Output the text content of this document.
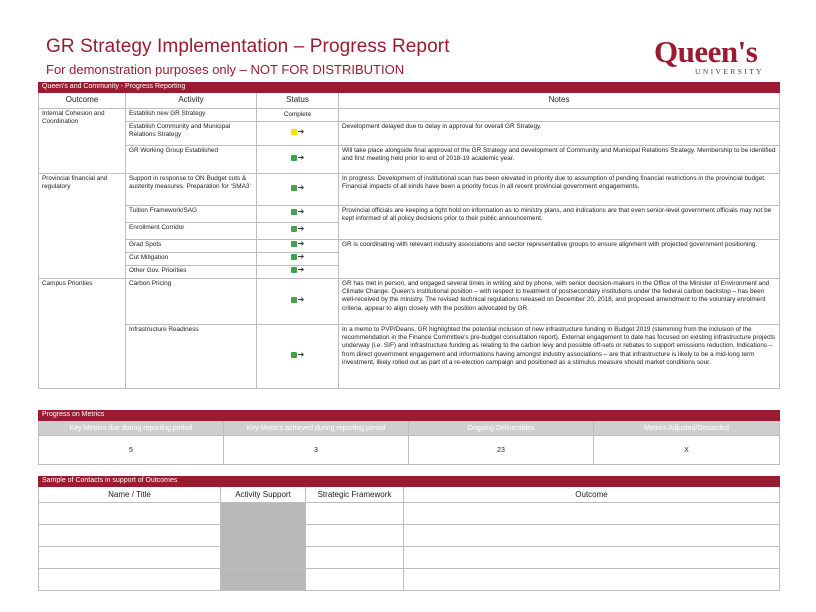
GR Strategy Implementation – Progress Report
For demonstration purposes only – NOT FOR DISTRIBUTION
Queen's
UNIVERSITY
Queen's and Community - Progress Reporting			
Outcome	Activity	Status	Notes
Internal Cohesion and Coordination	Establish new GR Strategy	Complete	
	Establish Community and Municipal Relations Strategy	➔	Development delayed due to delay in approval for overall GR Strategy.
	GR Working Group Established	➔	Will take place alongside final approval of the GR Strategy and development of Community and Municipal Relations Strategy. Membership to be identified and first meeting held prior to end of 2018-19 academic year.
Provincial financial and regulatory	Support in response to ON Budget cuts & austerity measures. Preparation for ‘SMA3’	➔	In progress. Development of institutional scan has been elevated in priority due to assumption of pending financial restrictions in the provincial budget. Financial impacts of all kinds have been a priority focus in all recent provincial government engagements.
	Tuition Framework/SAG	➔	Provincial officials are keeping a tight hold on information as to ministry plans, and indications are that even senior-level government officials may not be kept informed of all policy decisions prior to their public announcement.
	Enrollment Corridor	➔	

	Grad Spots	➔	GR is coordinating with relevant industry associations and sector representative groups to ensure alignment with projected government positioning.
	Cut Mitigation	➔	

	Other Gov. Priorities	➔	

Campus Priorities	Carbon Pricing	➔	GR has met in person, and engaged several times in writing and by phone, with senior decision-makers in the Office of the Minister of Environment and Climate Change. Queen's institutional position – with respect to treatment of postsecondary institutions under the federal carbon backstop – has been well-received by the ministry. The revised technical regulations released on December 20, 2018, and proposed amendment to the voluntary enrolment criteria, appear to align closely with the position advocated by GR.
	Infrastructure Readiness	➔	In a memo to PVP/Deans, GR highlighted the potential inclusion of new infrastructure funding in Budget 2019 (stemming from the inclusion of the recommendation in the Finance Committee's pre-budget consultation report). External engagement to date has focused on existing infrastructure projects underway (i.e. SIF) and infrastructure funding as relating to the carbon levy and possible off-sets or rebates to support emissions reduction. Indications – from direct government engagement and informations having amongst industry associations – are that infrastructure is likely to be a mid-long term investment, likely rolled out as part of a re-election campaign and positioned as a stimulus measure should market conditions sour.
Progress on Metrics			
Key Metrics due during reporting period	Key Metrics achieved during reporting period	Ongoing Deliverables	Metrics Adjusted/Discarded
5	3	23	X
Sample of Contacts in support of Outcomes			
Name / Title	Activity Support	Strategic Framework	Outcome
